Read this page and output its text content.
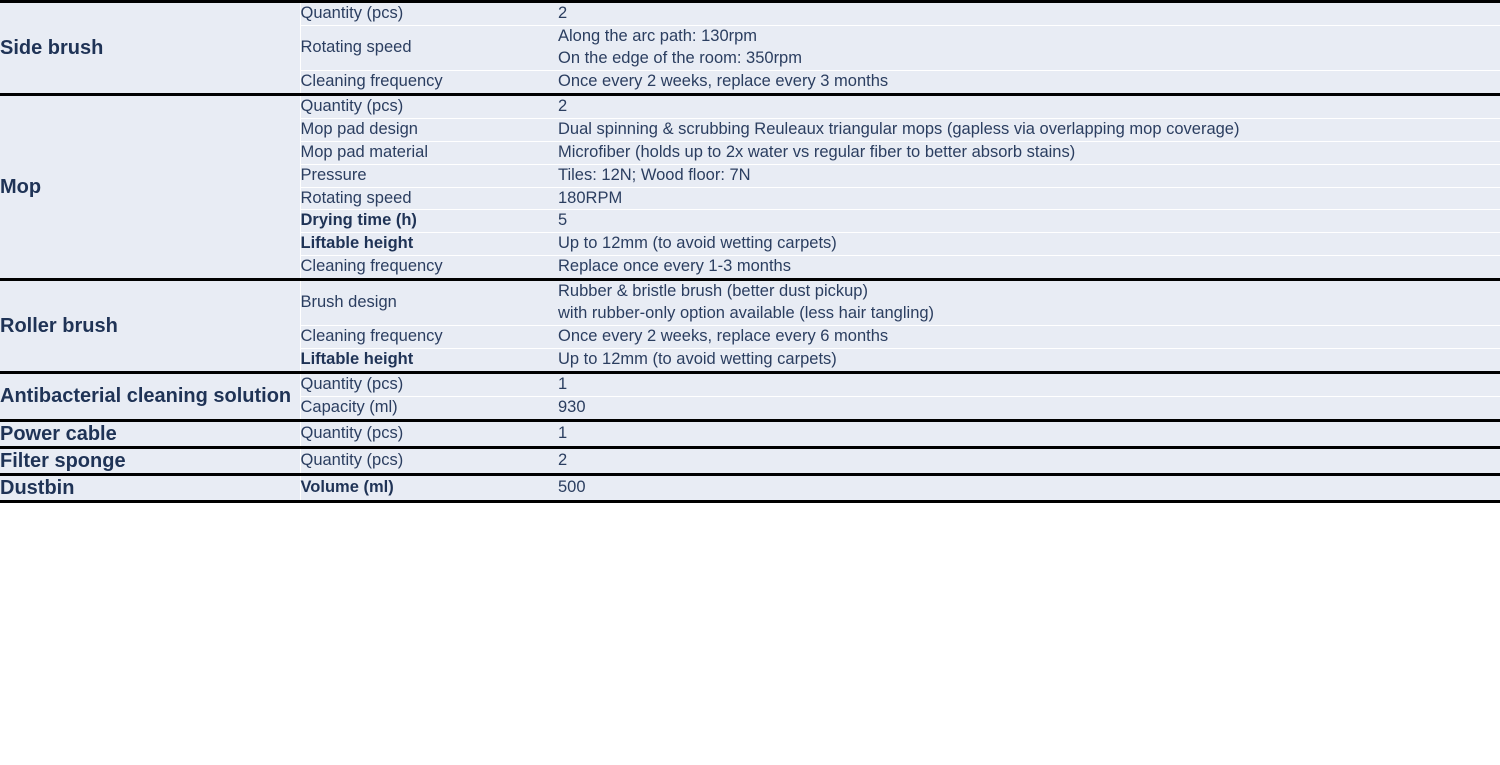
Side brush	Quantity (pcs)	2

	Rotating speed	Along the arc path: 130rpm
On the edge of the room: 350rpm

	Cleaning frequency	Once every 2 weeks, replace every 3 months

Mop	Quantity (pcs)	2

	Mop pad design	Dual spinning & scrubbing Reuleaux triangular mops (gapless via overlapping mop coverage)

	Mop pad material	Microfiber (holds up to 2x water vs regular fiber to better absorb stains)

	Pressure	Tiles: 12N; Wood floor: 7N

	Rotating speed	180RPM

	Drying time (h)	5

	Liftable height	Up to 12mm (to avoid wetting carpets)

	Cleaning frequency	Replace once every 1-3 months

Roller brush	Brush design	Rubber & bristle brush (better dust pickup)
with rubber-only option available (less hair tangling)

	Cleaning frequency	Once every 2 weeks, replace every 6 months

	Liftable height	Up to 12mm (to avoid wetting carpets)

Antibacterial cleaning solution	Quantity (pcs)	1

	Capacity (ml)	930

Power cable	Quantity (pcs)	1

Filter sponge	Quantity (pcs)	2

Dustbin	Volume (ml)	500
